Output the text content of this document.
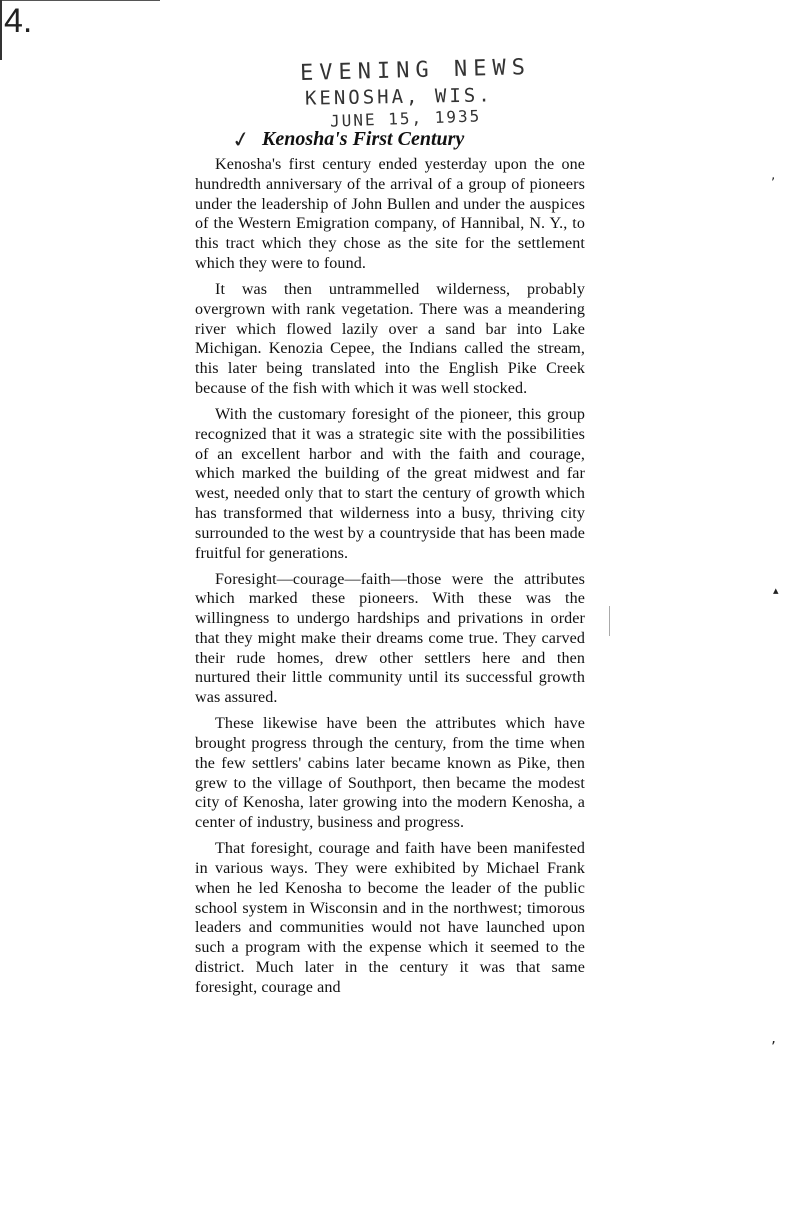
4.
EVENING NEWS
KENOSHA, WIS.
JUNE 15, 1935
✓ Kenosha's First Century

Kenosha's first century ended yesterday upon the one hundredth anniversary of the arrival of a group of pioneers under the leadership of John Bullen and under the auspices of the Western Emigration company, of Hannibal, N. Y., to this tract which they chose as the site for the settlement which they were to found.

It was then untrammelled wilderness, probably overgrown with rank vegetation. There was a meandering river which flowed lazily over a sand bar into Lake Michigan. Kenozia Cepee, the Indians called the stream, this later being translated into the English Pike Creek because of the fish with which it was well stocked.

With the customary foresight of the pioneer, this group recognized that it was a strategic site with the possibilities of an excellent harbor and with the faith and courage, which marked the building of the great midwest and far west, needed only that to start the century of growth which has transformed that wilderness into a busy, thriving city surrounded to the west by a countryside that has been made fruitful for generations.

Foresight—courage—faith—those were the attributes which marked these pioneers. With these was the willingness to undergo hardships and privations in order that they might make their dreams come true. They carved their rude homes, drew other settlers here and then nurtured their little community until its successful growth was assured.

These likewise have been the attributes which have brought progress through the century, from the time when the few settlers' cabins later became known as Pike, then grew to the village of Southport, then became the modest city of Kenosha, later growing into the modern Kenosha, a center of industry, business and progress.

That foresight, courage and faith have been manifested in various ways. They were exhibited by Michael Frank when he led Kenosha to become the leader of the public school system in Wisconsin and in the northwest; timorous leaders and communities would not have launched upon such a program with the expense which it seemed to the district. Much later in the century it was that same foresight, courage and

ʼ
▴
ʼ
